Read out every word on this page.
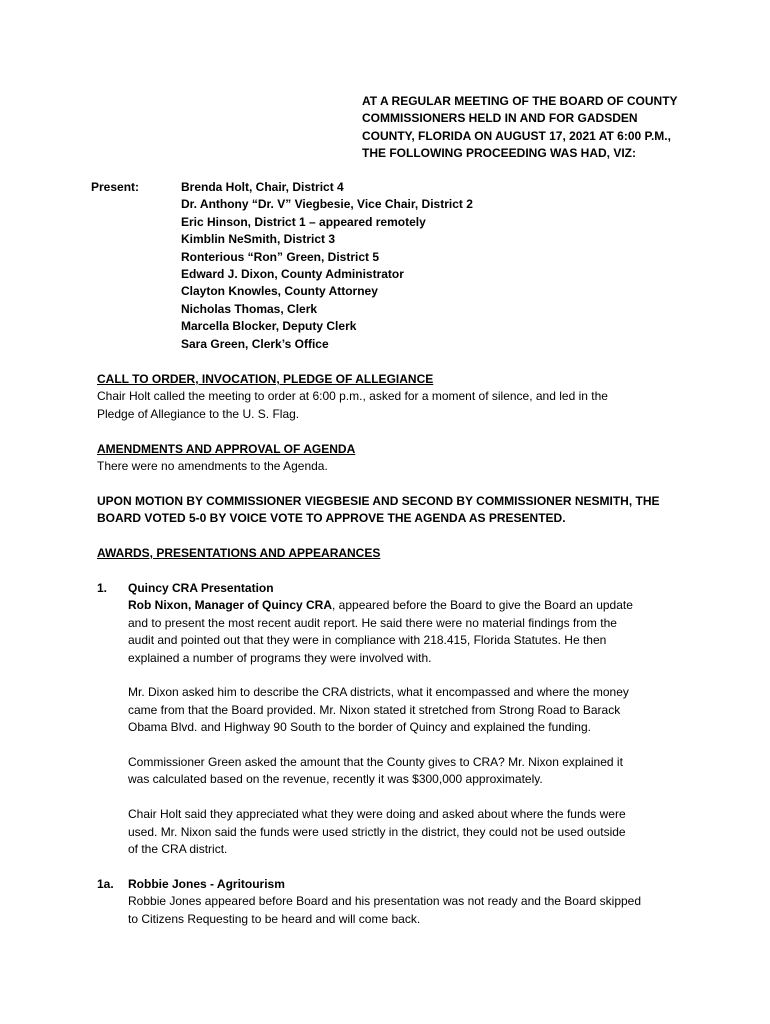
AT A REGULAR MEETING OF THE BOARD OF COUNTY
COMMISSIONERS HELD IN AND FOR GADSDEN
COUNTY, FLORIDA ON AUGUST 17, 2021 AT 6:00 P.M.,
THE FOLLOWING PROCEEDING WAS HAD, VIZ:
Present:	Brenda Holt, Chair, District 4
Dr. Anthony “Dr. V” Viegbesie, Vice Chair, District 2
Eric Hinson, District 1 – appeared remotely
Kimblin NeSmith, District 3
Ronterious “Ron” Green, District 5
Edward J. Dixon, County Administrator
Clayton Knowles, County Attorney
Nicholas Thomas, Clerk
Marcella Blocker, Deputy Clerk
Sara Green, Clerk’s Office
CALL TO ORDER, INVOCATION, PLEDGE OF ALLEGIANCE
Chair Holt called the meeting to order at 6:00 p.m., asked for a moment of silence, and led in the
Pledge of Allegiance to the U. S. Flag.
AMENDMENTS AND APPROVAL OF AGENDA
There were no amendments to the Agenda.
UPON MOTION BY COMMISSIONER VIEGBESIE AND SECOND BY COMMISSIONER NESMITH, THE
BOARD VOTED 5-0 BY VOICE VOTE TO APPROVE THE AGENDA AS PRESENTED.
AWARDS, PRESENTATIONS AND APPEARANCES
1. Quincy CRA Presentation
Rob Nixon, Manager of Quincy CRA, appeared before the Board to give the Board an update
and to present the most recent audit report. He said there were no material findings from the
audit and pointed out that they were in compliance with 218.415, Florida Statutes. He then
explained a number of programs they were involved with.
Mr. Dixon asked him to describe the CRA districts, what it encompassed and where the money
came from that the Board provided. Mr. Nixon stated it stretched from Strong Road to Barack
Obama Blvd. and Highway 90 South to the border of Quincy and explained the funding.
Commissioner Green asked the amount that the County gives to CRA? Mr. Nixon explained it
was calculated based on the revenue, recently it was $300,000 approximately.
Chair Holt said they appreciated what they were doing and asked about where the funds were
used. Mr. Nixon said the funds were used strictly in the district, they could not be used outside
of the CRA district.
1a. Robbie Jones - Agritourism
Robbie Jones appeared before Board and his presentation was not ready and the Board skipped
to Citizens Requesting to be heard and will come back.
